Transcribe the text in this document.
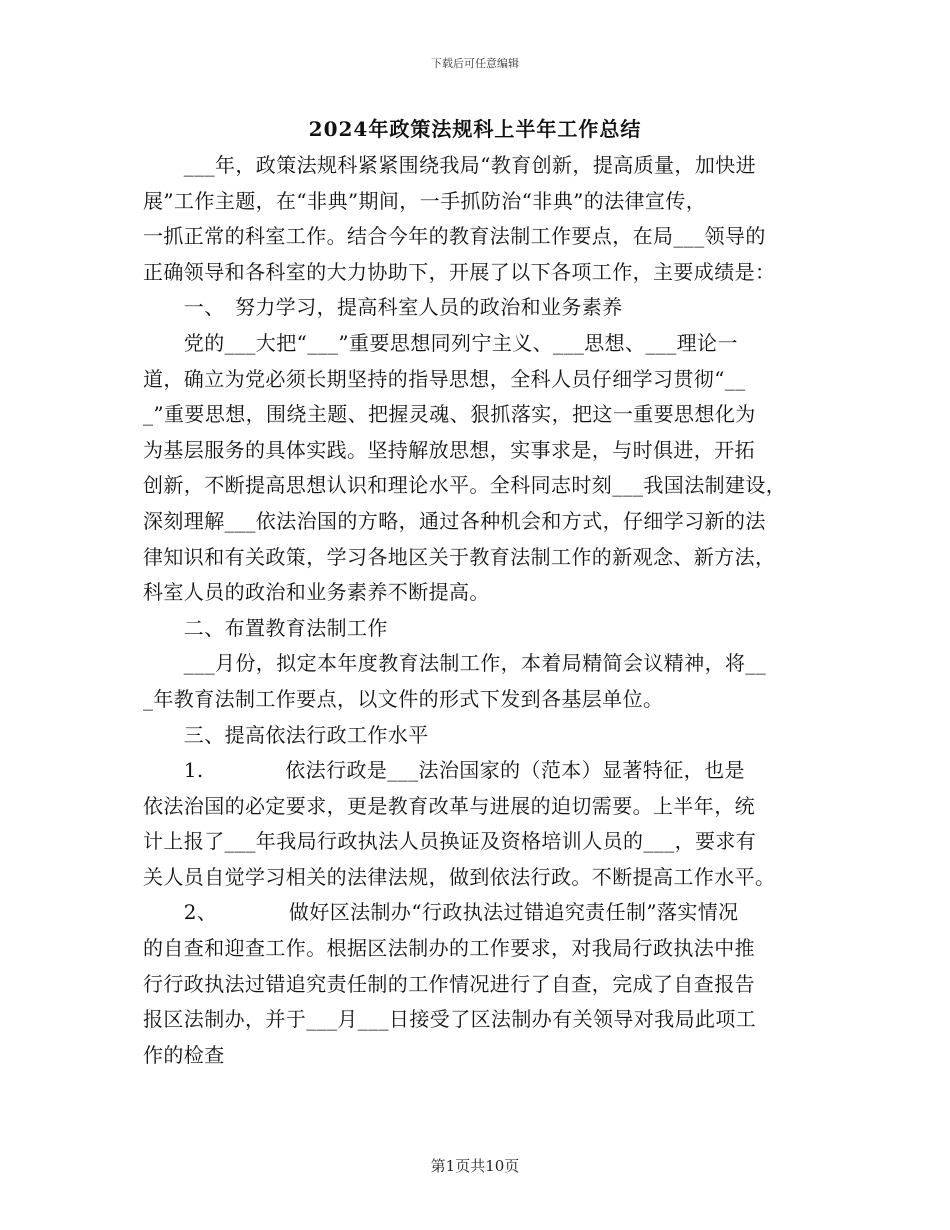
下载后可任意编辑
2024年政策法规科上半年工作总结
　　___年，政策法规科紧紧围绕我局“教育创新，提高质量，加快进
展”工作主题，在“非典”期间，一手抓防治“非典”的法律宣传，
一抓正常的科室工作。结合今年的教育法制工作要点，在局___领导的
正确领导和各科室的大力协助下，开展了以下各项工作，主要成绩是：
　　一、　努力学习，提高科室人员的政治和业务素养
　　党的___大把“___”重要思想同列宁主义、___思想、___理论一
道，确立为党必须长期坚持的指导思想，全科人员仔细学习贯彻“__
_”重要思想，围绕主题、把握灵魂、狠抓落实，把这一重要思想化为
为基层服务的具体实践。坚持解放思想，实事求是，与时俱进，开拓
创新，不断提高思想认识和理论水平。全科同志时刻___我国法制建设，
深刻理解___依法治国的方略，通过各种机会和方式，仔细学习新的法
律知识和有关政策，学习各地区关于教育法制工作的新观念、新方法，
科室人员的政治和业务素养不断提高。
　　二、布置教育法制工作
　　___月份，拟定本年度教育法制工作，本着局精简会议精神，将__
_年教育法制工作要点，以文件的形式下发到各基层单位。
　　三、提高依法行政工作水平
　　1.　　　　依法行政是___法治国家的（范本）显著特征，也是
依法治国的必定要求，更是教育改革与进展的迫切需要。上半年，统
计上报了___年我局行政执法人员换证及资格培训人员的___，要求有
关人员自觉学习相关的法律法规，做到依法行政。不断提高工作水平。
　　2、　　　　做好区法制办“行政执法过错追究责任制”落实情况
的自查和迎查工作。根据区法制办的工作要求，对我局行政执法中推
行行政执法过错追究责任制的工作情况进行了自查，完成了自查报告
报区法制办，并于___月___日接受了区法制办有关领导对我局此项工
作的检查
第1页共10页
